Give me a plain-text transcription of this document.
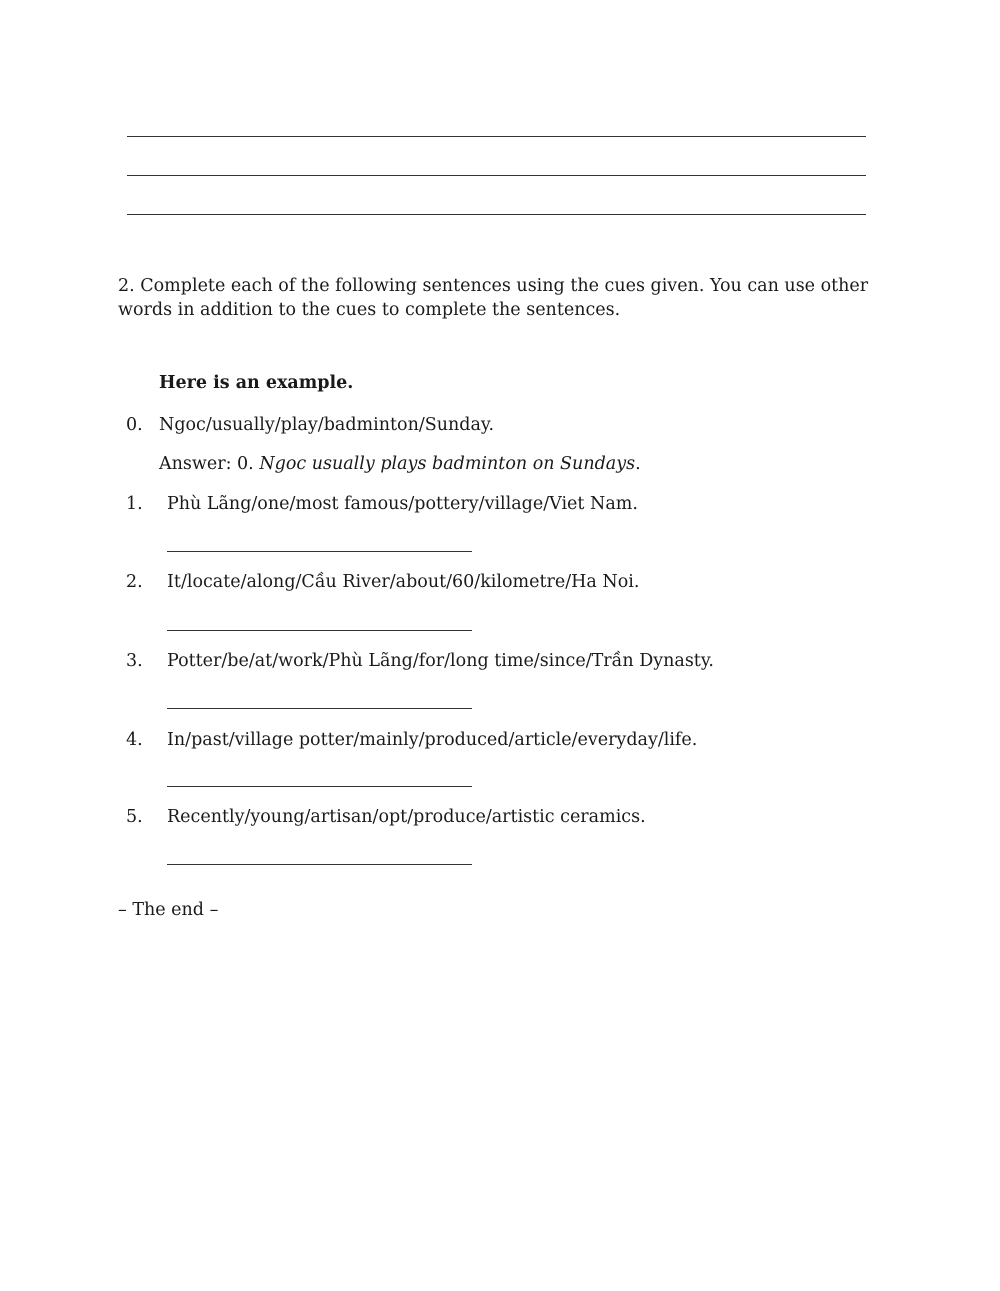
2. Complete each of the following sentences using the cues given. You can use other words in addition to the cues to complete the sentences.
Here is an example.
0. Ngoc/usually/play/badminton/Sunday.
Answer: 0. Ngoc usually plays badminton on Sundays.
1. Phù Lãng/one/most famous/pottery/village/Viet Nam.
2. It/locate/along/Cầu River/about/60/kilometre/Ha Noi.
3. Potter/be/at/work/Phù Lãng/for/long time/since/Trần Dynasty.
4. In/past/village potter/mainly/produced/article/everyday/life.
5. Recently/young/artisan/opt/produce/artistic ceramics.
– The end –
